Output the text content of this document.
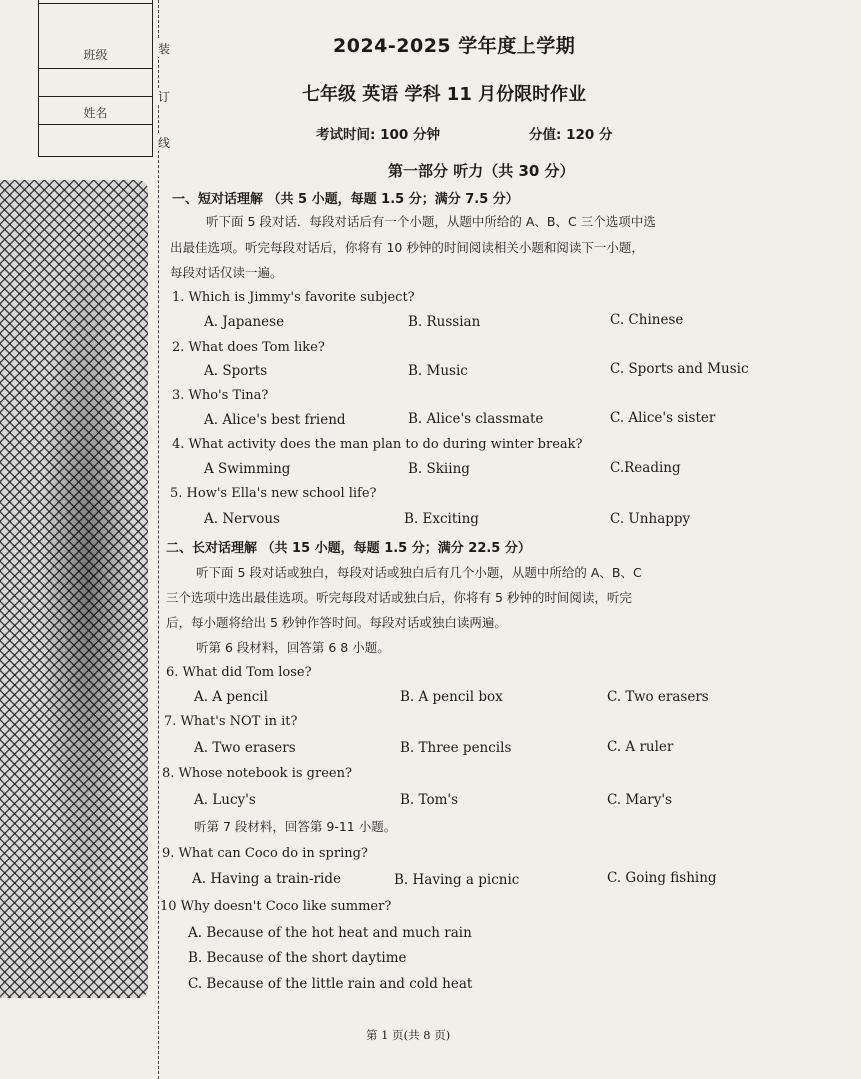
班级
姓名
装
订
线
2024-2025 学年度上学期
七年级 英语 学科 11 月份限时作业
考试时间: 100 分钟	分值: 120 分
第一部分 听力（共 30 分）
一、短对话理解 （共 5 小题，每题 1.5 分；满分 7.5 分）
听下面 5 段对话．每段对话后有一个小题，从题中所给的 A、B、C 三个选项中选
出最佳选项。听完每段对话后，你将有 10 秒钟的时间阅读相关小题和阅读下一小题，
每段对话仅读一遍。
1. Which is Jimmy's favorite subject?
A. Japanese	B. Russian	C. Chinese
2. What does Tom like?
A. Sports	B. Music	C. Sports and Music
3. Who's Tina?
A. Alice's best friend	B. Alice's classmate	C. Alice's sister
4. What activity does the man plan to do during winter break?
A Swimming	B. Skiing	C.Reading
5. How's Ella's new school life?
A. Nervous	B. Exciting	C. Unhappy
二、长对话理解 （共 15 小题，每题 1.5 分；满分 22.5 分）
听下面 5 段对话或独白，每段对话或独白后有几个小题，从题中所给的 A、B、C
三个选项中选出最佳选项。听完每段对话或独白后，你将有 5 秒钟的时间阅读，听完
后，每小题将给出 5 秒钟作答时间。每段对话或独白读两遍。
听第 6 段材料，回答第 6 8 小题。
6. What did Tom lose?
A. A pencil	B. A pencil box	C. Two erasers
7. What's NOT in it?
A. Two erasers	B. Three pencils	C. A ruler
8. Whose notebook is green?
A. Lucy's	B. Tom's	C. Mary's
听第 7 段材料，回答第 9-11 小题。
9. What can Coco do in spring?
A. Having a train-ride	B. Having a picnic	C. Going fishing
10 Why doesn't Coco like summer?
A. Because of the hot heat and much rain
B. Because of the short daytime
C. Because of the little rain and cold heat
第 1 页(共 8 页)
